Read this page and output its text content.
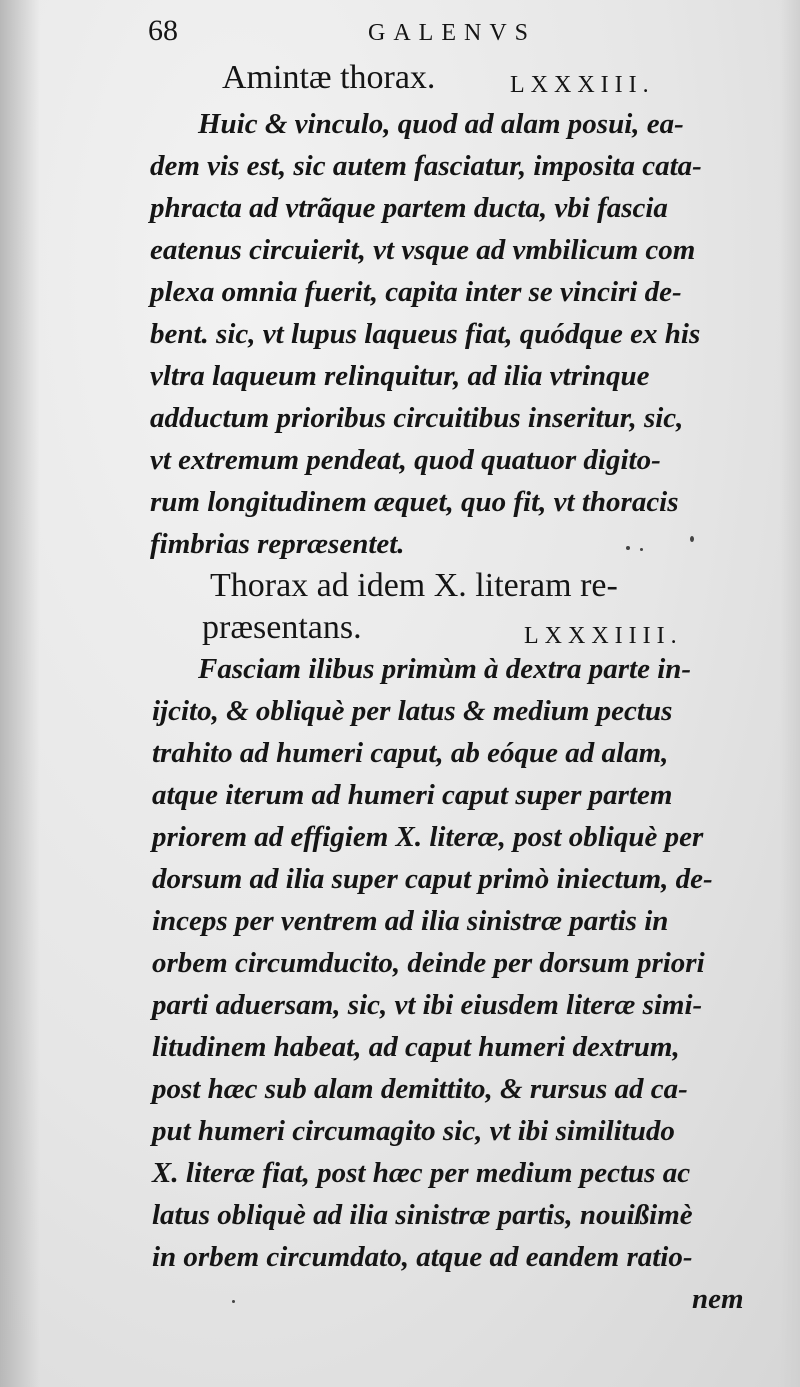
68	GALENVS
Amintæ thorax.	LXXXIII.
Huic & vinculo, quod ad alam posui, ea-
dem vis est, sic autem fasciatur, imposita cata-
phracta ad vtrãque partem ducta, vbi fascia
eatenus circuierit, vt vsque ad vmbilicum com
plexa omnia fuerit, capita inter se vinciri de-
bent. sic, vt lupus laqueus fiat, quódque ex his
vltra laqueum relinquitur, ad ilia vtrinque
adductum prioribus circuitibus inseritur, sic,
vt extremum pendeat, quod quatuor digito-
rum longitudinem æquet, quo fit, vt thoracis
fimbrias repræsentet.
Thorax ad idem X. literam re-
præsentans.	LXXXIIII.
Fasciam ilibus primùm à dextra parte in-
ijcito, & obliquè per latus & medium pectus
trahito ad humeri caput, ab eóque ad alam,
atque iterum ad humeri caput super partem
priorem ad effigiem X. literæ, post obliquè per
dorsum ad ilia super caput primò iniectum, de-
inceps per ventrem ad ilia sinistræ partis in
orbem circumducito, deinde per dorsum priori
parti aduersam, sic, vt ibi eiusdem literæ simi-
litudinem habeat, ad caput humeri dextrum,
post hæc sub alam demittito, & rursus ad ca-
put humeri circumagito sic, vt ibi similitudo
X. literæ fiat, post hæc per medium pectus ac
latus obliquè ad ilia sinistræ partis, nouißimè
in orbem circumdato, atque ad eandem ratio-
nem
